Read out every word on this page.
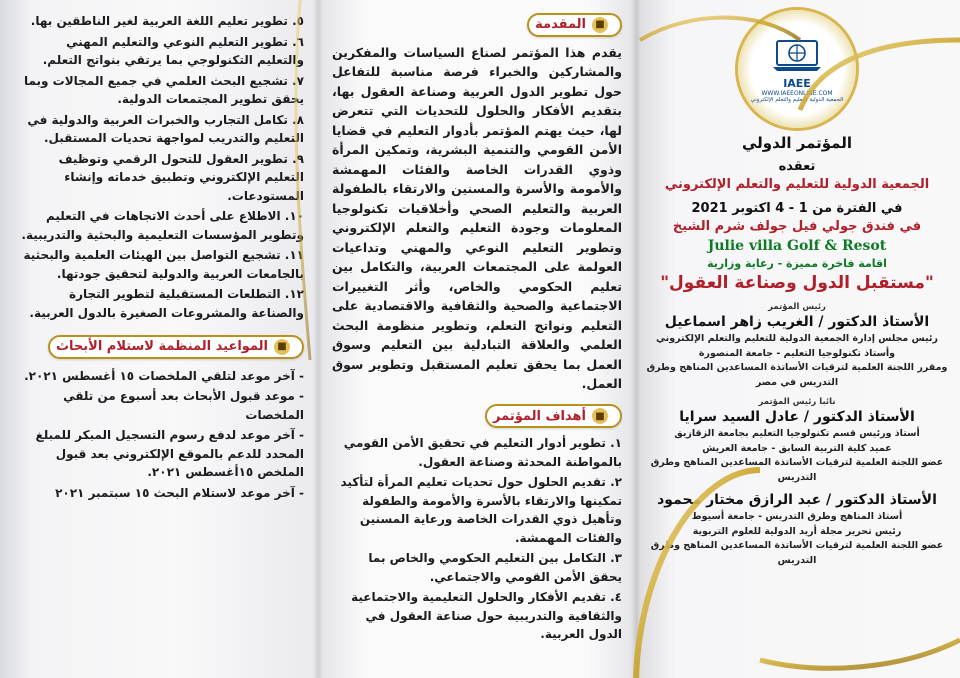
٥. تطوير تعليم اللغة العربية لغير الناطقين بها.
٦. تطوير التعليم النوعي والتعليم المهني والتعليم التكنولوجي بما يرتقي بنواتج التعلم.
٧. تشجيع البحث العلمي في جميع المجالات وبما يحقق تطوير المجتمعات الدولية.
٨. تكامل التجارب والخبرات العربية والدولية في التعليم والتدريب لمواجهة تحديات المستقبل.
٩. تطوير العقول للتحول الرقمي وتوظيف التعليم الإلكتروني وتطبيق خدماته وإنشاء المستودعات.
١٠. الاطلاع على أحدث الاتجاهات في التعليم وتطوير المؤسسات التعليمية والبحثية والتدريبية.
١١. تشجيع التواصل بين الهيئات العلمية والبحثية بالجامعات العربية والدولية لتحقيق جودتها.
١٢. التطلعات المستقبلية لتطوير التجارة والصناعة والمشروعات الصغيرة بالدول العربية.
■
المواعيد المنظمة لاستلام الأبحاث
- آخر موعد لتلقي الملخصات ١٥ أغسطس ٢٠٢١.
- موعد قبول الأبحاث بعد أسبوع من تلقي الملخصات
- آخر موعد لدفع رسوم التسجيل المبكر للمبلغ المحدد للدعم بالموقع الإلكتروني بعد قبول الملخص ١٥أغسطس ٢٠٢١.
- آخر موعد لاستلام البحث ١٥ سبتمبر ٢٠٢١
■
المقدمة

يقدم هذا المؤتمر لصناع السياسات والمفكرين والمشاركين والخبراء فرصة مناسبة للتفاعل حول تطوير الدول العربية وصناعة العقول بها، بتقديم الأفكار والحلول للتحديات التي تتعرض لها، حيث يهتم المؤتمر بأدوار التعليم في قضايا الأمن القومي والتنمية البشرية، وتمكين المرأة وذوي القدرات الخاصة والفئات المهمشة والأمومة والأسرة والمسنين والارتقاء بالطفولة العربية والتعليم الصحي وأخلاقيات تكنولوجيا المعلومات وجودة التعليم والتعلم الإلكتروني وتطوير التعليم النوعي والمهني وتداعيات العولمة على المجتمعات العربية، والتكامل بين تعليم الحكومي والخاص، وأثر التغييرات الاجتماعية والصحية والثقافية والاقتصادية على التعليم ونواتج التعلم، وتطوير منظومة البحث العلمي والعلاقة التبادلية بين التعليم وسوق العمل بما يحقق تعليم المستقبل وتطوير سوق العمل.

■
أهداف المؤتمر
١. تطوير أدوار التعليم في تحقيق الأمن القومي بالمواطنة المحدثة وصناعة العقول.
٢. تقديم الحلول حول تحديات تعليم المرأة لتأكيد تمكينها والارتقاء بالأسرة والأمومة والطفولة وتأهيل ذوي القدرات الخاصة ورعاية المسنين والفئات المهمشة.
٣. التكامل بين التعليم الحكومي والخاص بما يحقق الأمن القومي والاجتماعي.
٤. تقديم الأفكار والحلول التعليمية والاجتماعية والثقافية والتدريبية حول صناعة العقول في الدول العربية.
IAEE
WWW.IAEEONLINE.COM
الجمعية الدولية للتعليم والتعلم الإلكتروني
المؤتمر الدولي
تعقده
الجمعية الدولية للتعليم والتعلم الإلكتروني
في الفترة من 1 - 4 اكتوبر 2021
في فندق جولي فيل جولف شرم الشيخ
Julie villa Golf & Resot
اقامة فاخرة مميزة - رعاية وزارية
"مستقبل الدول وصناعة العقول"
رئيس المؤتمر
الأستاذ الدكتور / الغريب زاهر اسماعيل
رئيس مجلس إدارة الجمعية الدولية للتعليم والتعلم الإلكتروني
وأستاذ تكنولوجيا التعليم - جامعة المنصورة
ومقرر اللجنة العلمية لترقيات الأساتذة المساعدين المناهج وطرق التدريس في مصر
نائبا رئيس المؤتمر
الأستاذ الدكتور / عادل السيد سرايا
أستاذ ورئيس قسم تكنولوجيا التعليم بجامعة الزقازيق
عميد كلية التربية السابق - جامعة العريش
عضو اللجنة العلمية لترقيات الأساتذة المساعدين المناهج وطرق التدريس
الأستاذ الدكتور / عبد الرازق مختار محمود
أستاذ المناهج وطرق التدريس - جامعة أسيوط
رئيس تحرير مجلة أريد الدولية للعلوم التربوية
عضو اللجنة العلمية لترقيات الأساتذة المساعدين المناهج وطرق التدريس
